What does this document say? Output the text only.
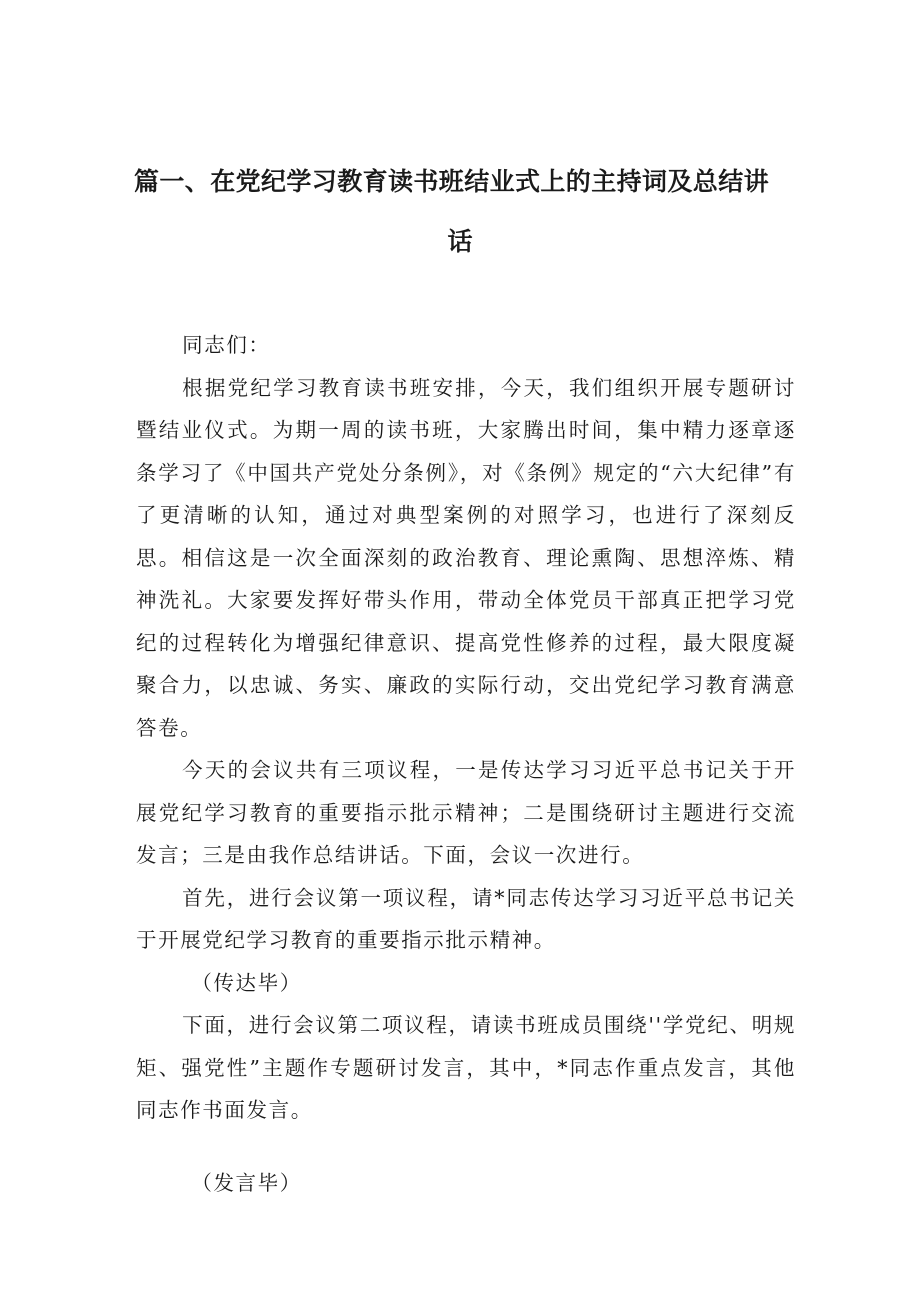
篇一、在党纪学习教育读书班结业式上的主持词及总结讲
话

同志们：

根据党纪学习教育读书班安排，今天，我们组织开展专题研讨暨结业仪式。为期一周的读书班，大家腾出时间，集中精力逐章逐条学习了《中国共产党处分条例》，对《条例》规定的“六大纪律”有了更清晰的认知，通过对典型案例的对照学习，也进行了深刻反思。相信这是一次全面深刻的政治教育、理论熏陶、思想淬炼、精神洗礼。大家要发挥好带头作用，带动全体党员干部真正把学习党纪的过程转化为增强纪律意识、提高党性修养的过程，最大限度凝聚合力，以忠诚、务实、廉政的实际行动，交出党纪学习教育满意答卷。

今天的会议共有三项议程，一是传达学习习近平总书记关于开展党纪学习教育的重要指示批示精神；二是围绕研讨主题进行交流发言；三是由我作总结讲话。下面，会议一次进行。

首先，进行会议第一项议程，请*同志传达学习习近平总书记关于开展党纪学习教育的重要指示批示精神。

（传达毕）

下面，进行会议第二项议程，请读书班成员围绕''学党纪、明规矩、强党性”主题作专题研讨发言，其中，*同志作重点发言，其他同志作书面发言。

（发言毕）
